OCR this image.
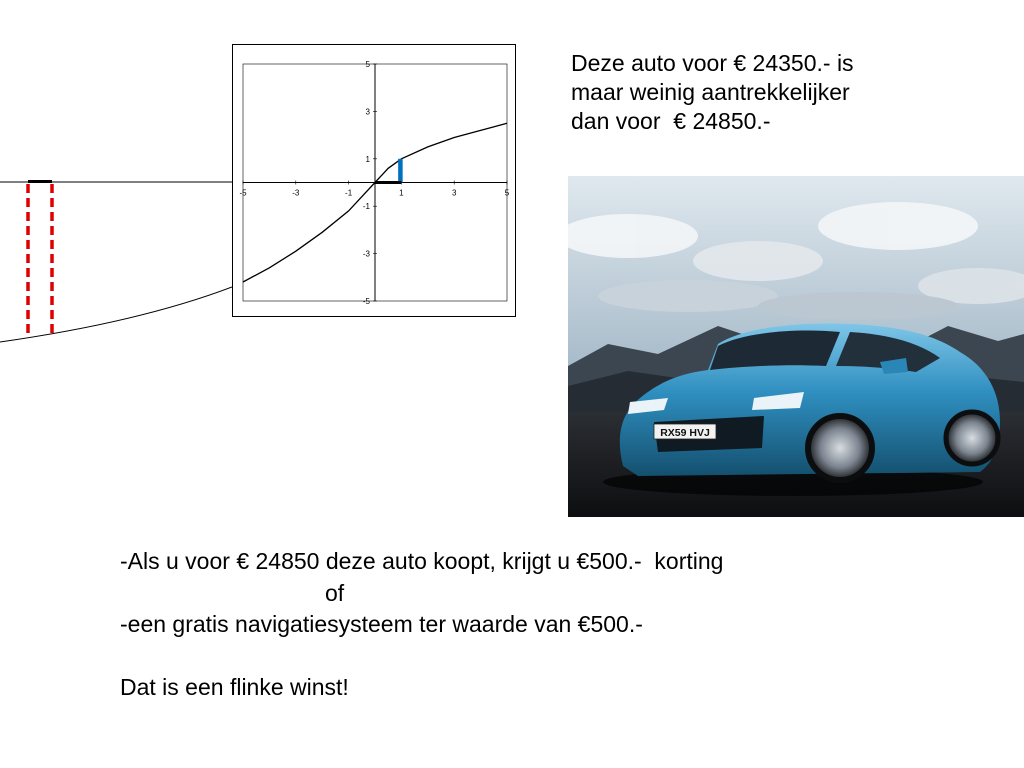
-5	-3	-1	1	3	5
5
3
1
-1
-3
-5
Deze auto voor € 24350.- is
maar weinig aantrekkelijker
dan voor  € 24850.-
RX59 HVJ
-Als u voor € 24850 deze auto koopt, krijgt u €500.-  korting
of
-een gratis navigatiesysteem ter waarde van €500.-
Dat is een flinke winst!
